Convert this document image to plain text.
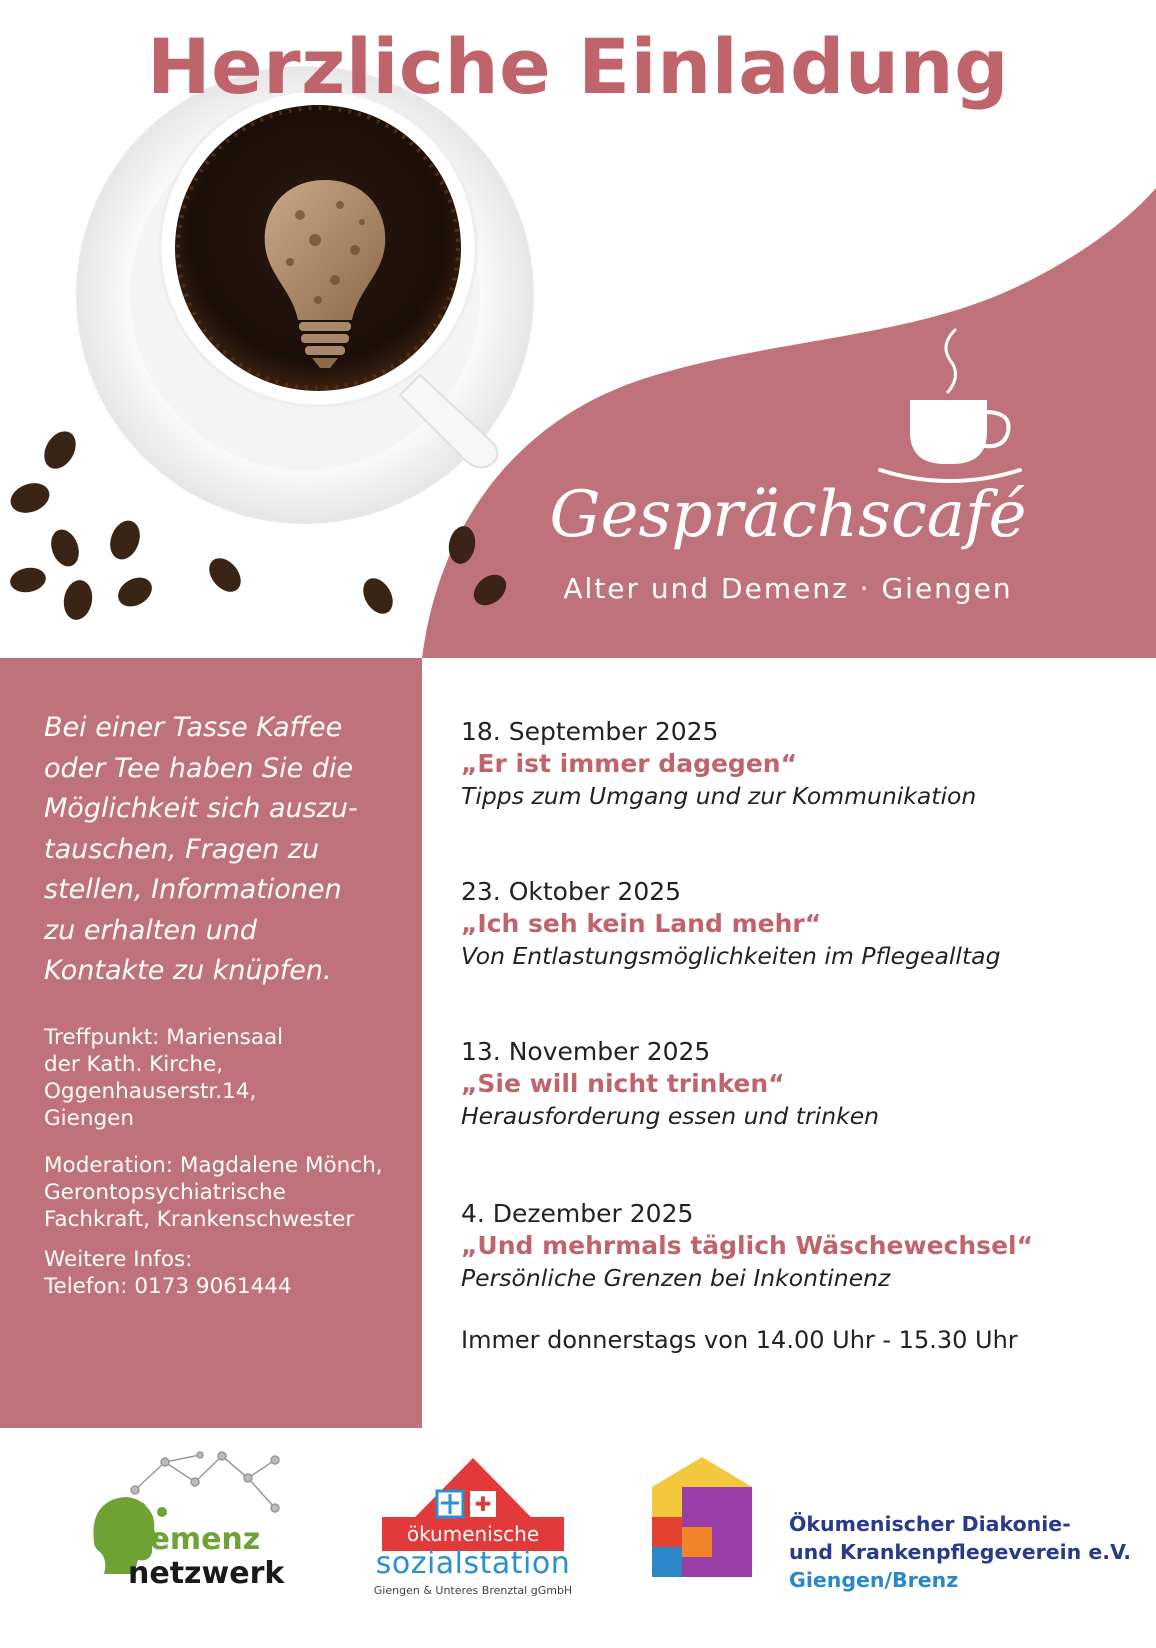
✚
Herzliche Einladung
Gesprächscafé
Alter und Demenz · Giengen
Bei einer Tasse Kaffee
oder Tee haben Sie die
Möglichkeit sich auszu-
tauschen, Fragen zu
stellen, Informationen
zu erhalten und
Kontakte zu knüpfen.
Treffpunkt: Mariensaal
der Kath. Kirche,
Oggenhauserstr.14,
Giengen
Moderation: Magdalene Mönch,
Gerontopsychiatrische
Fachkraft, Krankenschwester
Weitere Infos:
Telefon: 0173 9061444
18. September 2025
„Er ist immer dagegen“
Tipps zum Umgang und zur Kommunikation
23. Oktober 2025
„Ich seh kein Land mehr“
Von Entlastungsmöglichkeiten im Pflegealltag
13. November 2025
„Sie will nicht trinken“
Herausforderung essen und trinken
4. Dezember 2025
„Und mehrmals täglich Wäschewechsel“
Persönliche Grenzen bei Inkontinenz
Immer donnerstags von 14.00 Uhr - 15.30 Uhr
demenz
netzwerk
ökumenische
sozialstation
Giengen & Unteres Brenztal gGmbH
Ökumenischer Diakonie-
und Krankenpflegeverein e.V.
Giengen/Brenz
